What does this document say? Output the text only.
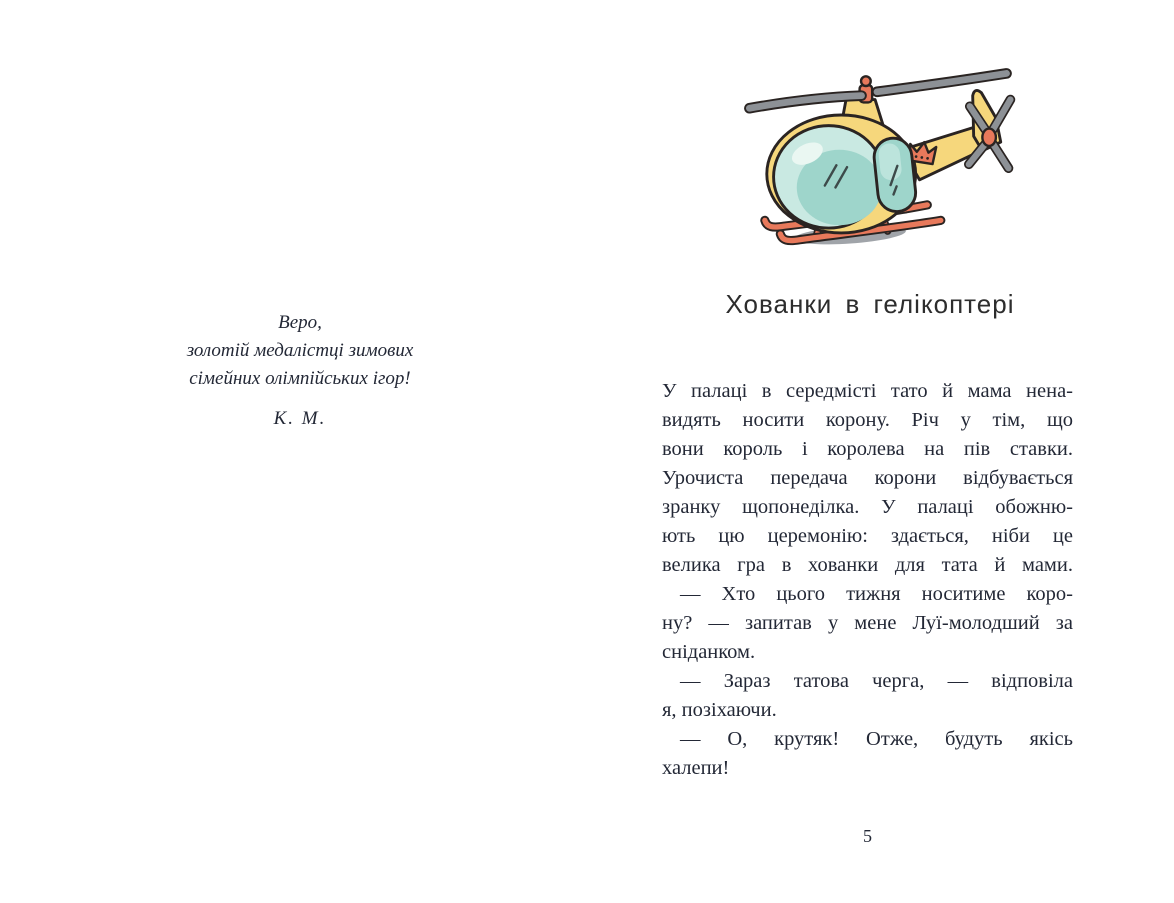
Веро,
золотій медалістці зимових
сімейних олімпійських ігор!
К. М.
Хованки в гелікоптері
У палаці в середмісті тато й мама нена-
видять носити корону. Річ у тім, що
вони король і королева на пів ставки.
Урочиста передача корони відбувається
зранку щопонеділка. У палаці обожню-
ють цю церемонію: здається, ніби це
велика гра в хованки для тата й мами.
— Хто цього тижня носитиме коро-
ну? — запитав у мене Луї-молодший за
сніданком.
— Зараз татова черга, — відповіла
я, позіхаючи.
— О, крутяк! Отже, будуть якісь
халепи!
5
